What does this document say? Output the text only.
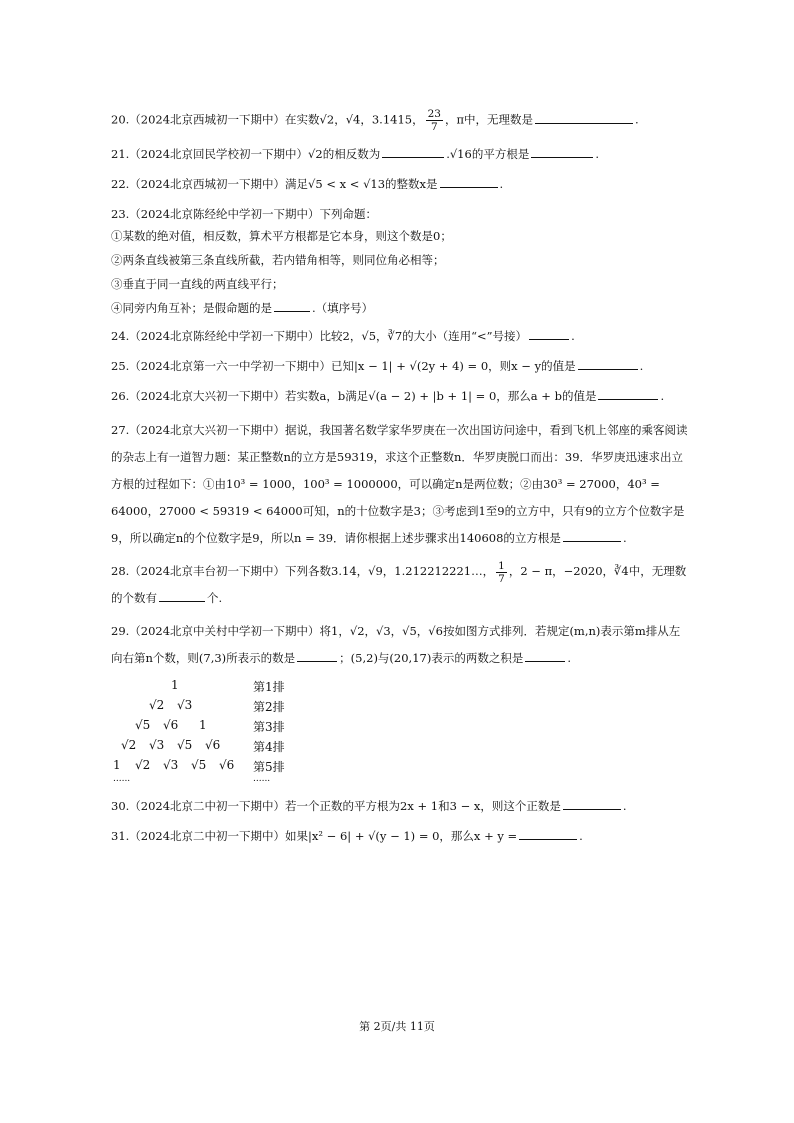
20.（2024北京西城初一下期中）在实数√2，√4，3.1415， $\frac{23}{7}$ ，π中，无理数是	.
21.（2024北京回民学校初一下期中）√2的相反数为	.√16的平方根是	.
22.（2024北京西城初一下期中）满足√5 < x < √13的整数x是	.
23.（2024北京陈经纶中学初一下期中）下列命题：
①某数的绝对值，相反数，算术平方根都是它本身，则这个数是0；
②两条直线被第三条直线所截，若内错角相等，则同位角必相等；
③垂直于同一直线的两直线平行；
④同旁内角互补；是假命题的是	.（填序号）
24.（2024北京陈经纶中学初一下期中）比较2，√5，∛7的大小（连用“<”号接）	.
25.（2024北京第一六一中学初一下期中）已知|x − 1| + √(2y + 4) = 0，则x − y的值是	.
26.（2024北京大兴初一下期中）若实数a，b满足√(a − 2) + |b + 1| = 0，那么a + b的值是	.
27.（2024北京大兴初一下期中）据说，我国著名数学家华罗庚在一次出国访问途中，看到飞机上邻座的乘客阅读的杂志上有一道智力题：某正整数n的立方是59319，求这个正整数n．华罗庚脱口而出：39．华罗庚迅速求出立方根的过程如下：①由10³ = 1000，100³ = 1000000，可以确定n是两位数；②由30³ = 27000，40³ = 64000，27000 < 59319 < 64000可知，n的十位数字是3；③考虑到1至9的立方中，只有9的立方个位数字是9，所以确定n的个位数字是9，所以n = 39．请你根据上述步骤求出140608的立方根是	.
28.（2024北京丰台初一下期中）下列各数3.14，√9，1.212212221…， $\frac{1}{7}$ ，2 − π，−2020，∛4中，无理数的个数有	个.
29.（2024北京中关村中学初一下期中）将1，√2，√3，√5，√6按如图方式排列．若规定(m,n)表示第m排从左向右第n个数，则(7,3)所表示的数是	；(5,2)与(20,17)表示的两数之积是	.
1	第1排
√2 √3	第2排
√5 √6 1	第3排
√2 √3 √5 √6	第4排
1 √2 √3 √5 √6 第5排
......	......
30.（2024北京二中初一下期中）若一个正数的平方根为2x + 1和3 − x，则这个正数是	.
31.（2024北京二中初一下期中）如果|x² − 6| + √(y − 1) = 0，那么x + y =	.
第 2页/共 11页
